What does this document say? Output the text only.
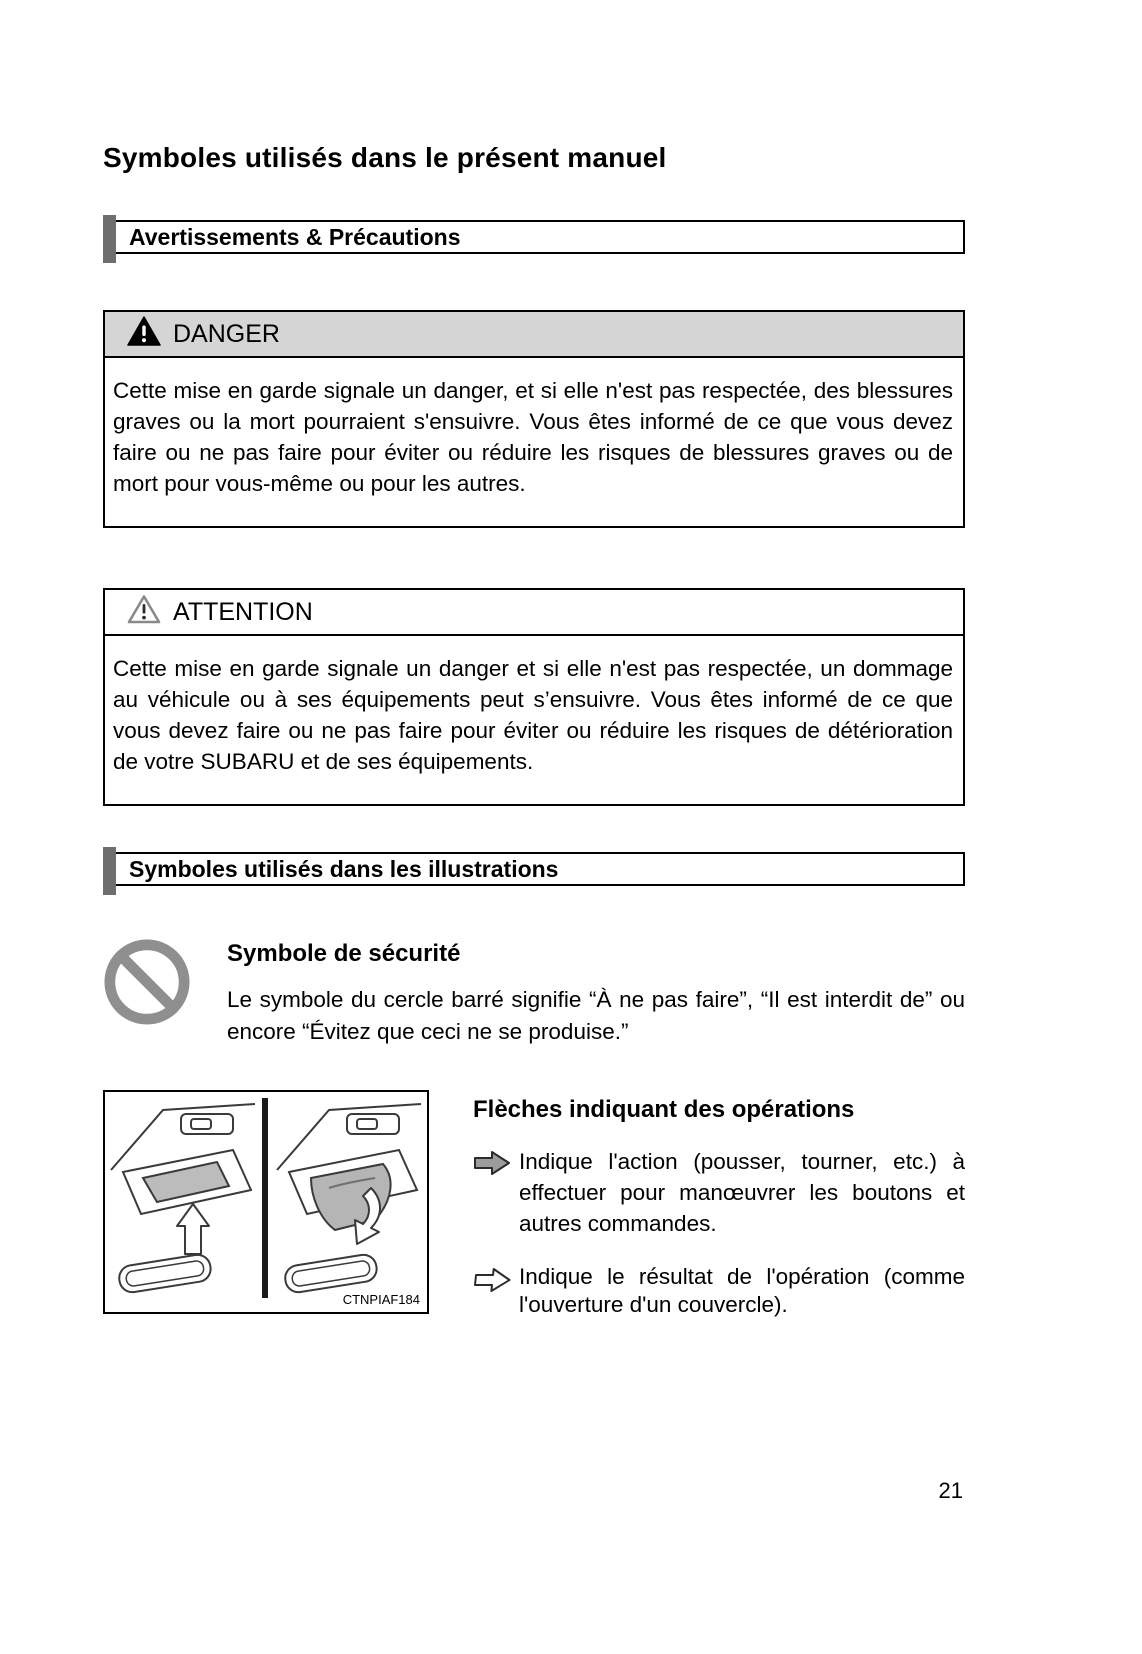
Symboles utilisés dans le présent manuel
Avertissements & Précautions
DANGER

Cette mise en garde signale un danger, et si elle n'est pas respectée, des blessures graves ou la mort pourraient s'ensuivre. Vous êtes informé de ce que vous devez faire ou ne pas faire pour éviter ou réduire les risques de blessures graves ou de mort pour vous-même ou pour les autres.

ATTENTION

Cette mise en garde signale un danger et si elle n'est pas respectée, un dommage au véhicule ou à ses équipements peut s’ensuivre. Vous êtes informé de ce que vous devez faire ou ne pas faire pour éviter ou réduire les risques de détérioration de votre SUBARU et de ses équipements.

Symboles utilisés dans les illustrations
Symbole de sécurité

Le symbole du cercle barré signifie “À ne pas faire”, “Il est interdit de” ou encore “Évitez que ceci ne se produise.”

CTNPIAF184
Flèches indiquant des opérations

Indique l'action (pousser, tourner, etc.) à effectuer pour manœuvrer les boutons et autres commandes.

Indique le résultat de l'opération (comme l'ouverture d'un couvercle).

21
